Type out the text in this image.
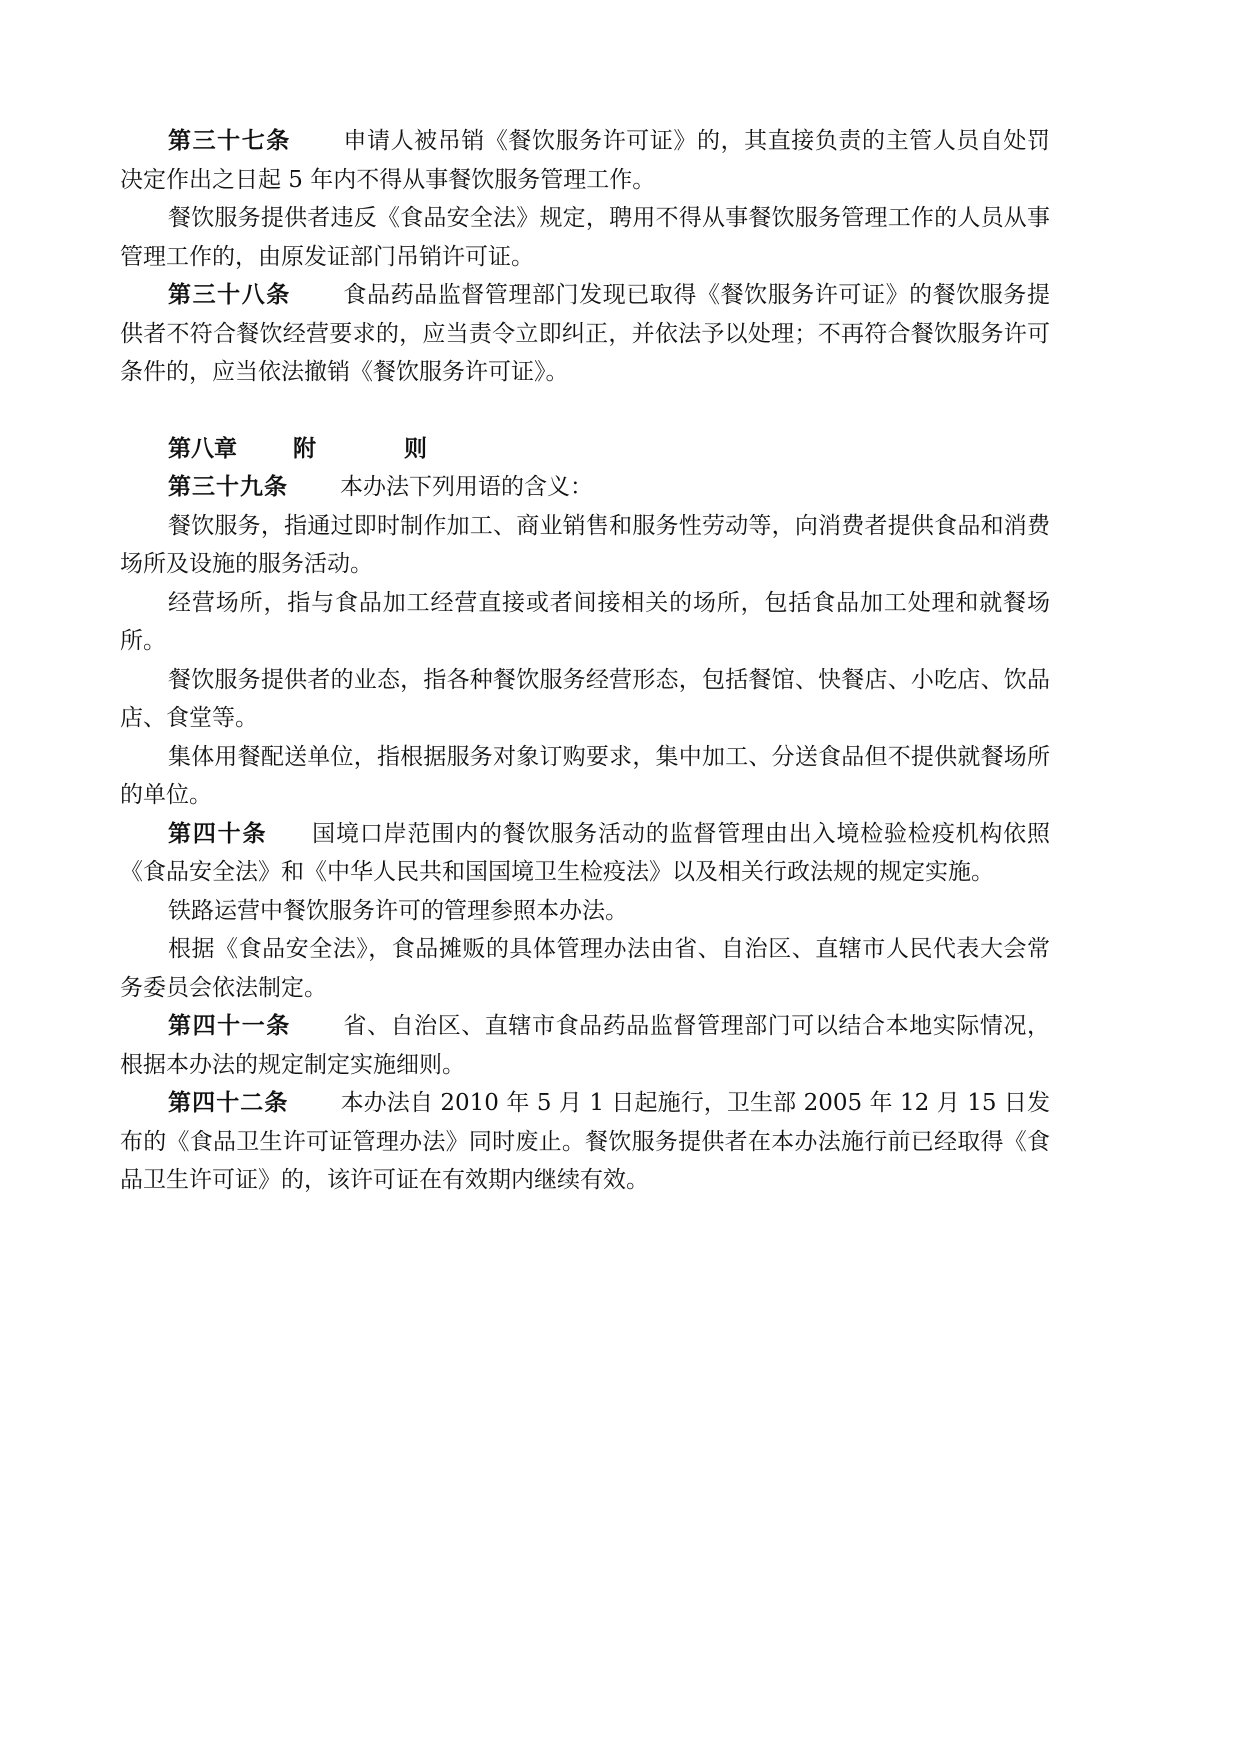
第三十七条 申请人被吊销《餐饮服务许可证》的，其直接负责的主管人员自处罚决定作出之日起 5 年内不得从事餐饮服务管理工作。

餐饮服务提供者违反《食品安全法》规定，聘用不得从事餐饮服务管理工作的人员从事管理工作的，由原发证部门吊销许可证。

第三十八条 食品药品监督管理部门发现已取得《餐饮服务许可证》的餐饮服务提供者不符合餐饮经营要求的，应当责令立即纠正，并依法予以处理；不再符合餐饮服务许可条件的，应当依法撤销《餐饮服务许可证》。

第八章 附	则

第三十九条 本办法下列用语的含义：

餐饮服务，指通过即时制作加工、商业销售和服务性劳动等，向消费者提供食品和消费场所及设施的服务活动。

经营场所，指与食品加工经营直接或者间接相关的场所，包括食品加工处理和就餐场所。

餐饮服务提供者的业态，指各种餐饮服务经营形态，包括餐馆、快餐店、小吃店、饮品店、食堂等。

集体用餐配送单位，指根据服务对象订购要求，集中加工、分送食品但不提供就餐场所的单位。

第四十条 国境口岸范围内的餐饮服务活动的监督管理由出入境检验检疫机构依照《食品安全法》和《中华人民共和国国境卫生检疫法》以及相关行政法规的规定实施。

铁路运营中餐饮服务许可的管理参照本办法。

根据《食品安全法》，食品摊贩的具体管理办法由省、自治区、直辖市人民代表大会常务委员会依法制定。

第四十一条 省、自治区、直辖市食品药品监督管理部门可以结合本地实际情况，根据本办法的规定制定实施细则。

第四十二条 本办法自 2010 年 5 月 1 日起施行，卫生部 2005 年 12 月 15 日发布的《食品卫生许可证管理办法》同时废止。餐饮服务提供者在本办法施行前已经取得《食品卫生许可证》的，该许可证在有效期内继续有效。
